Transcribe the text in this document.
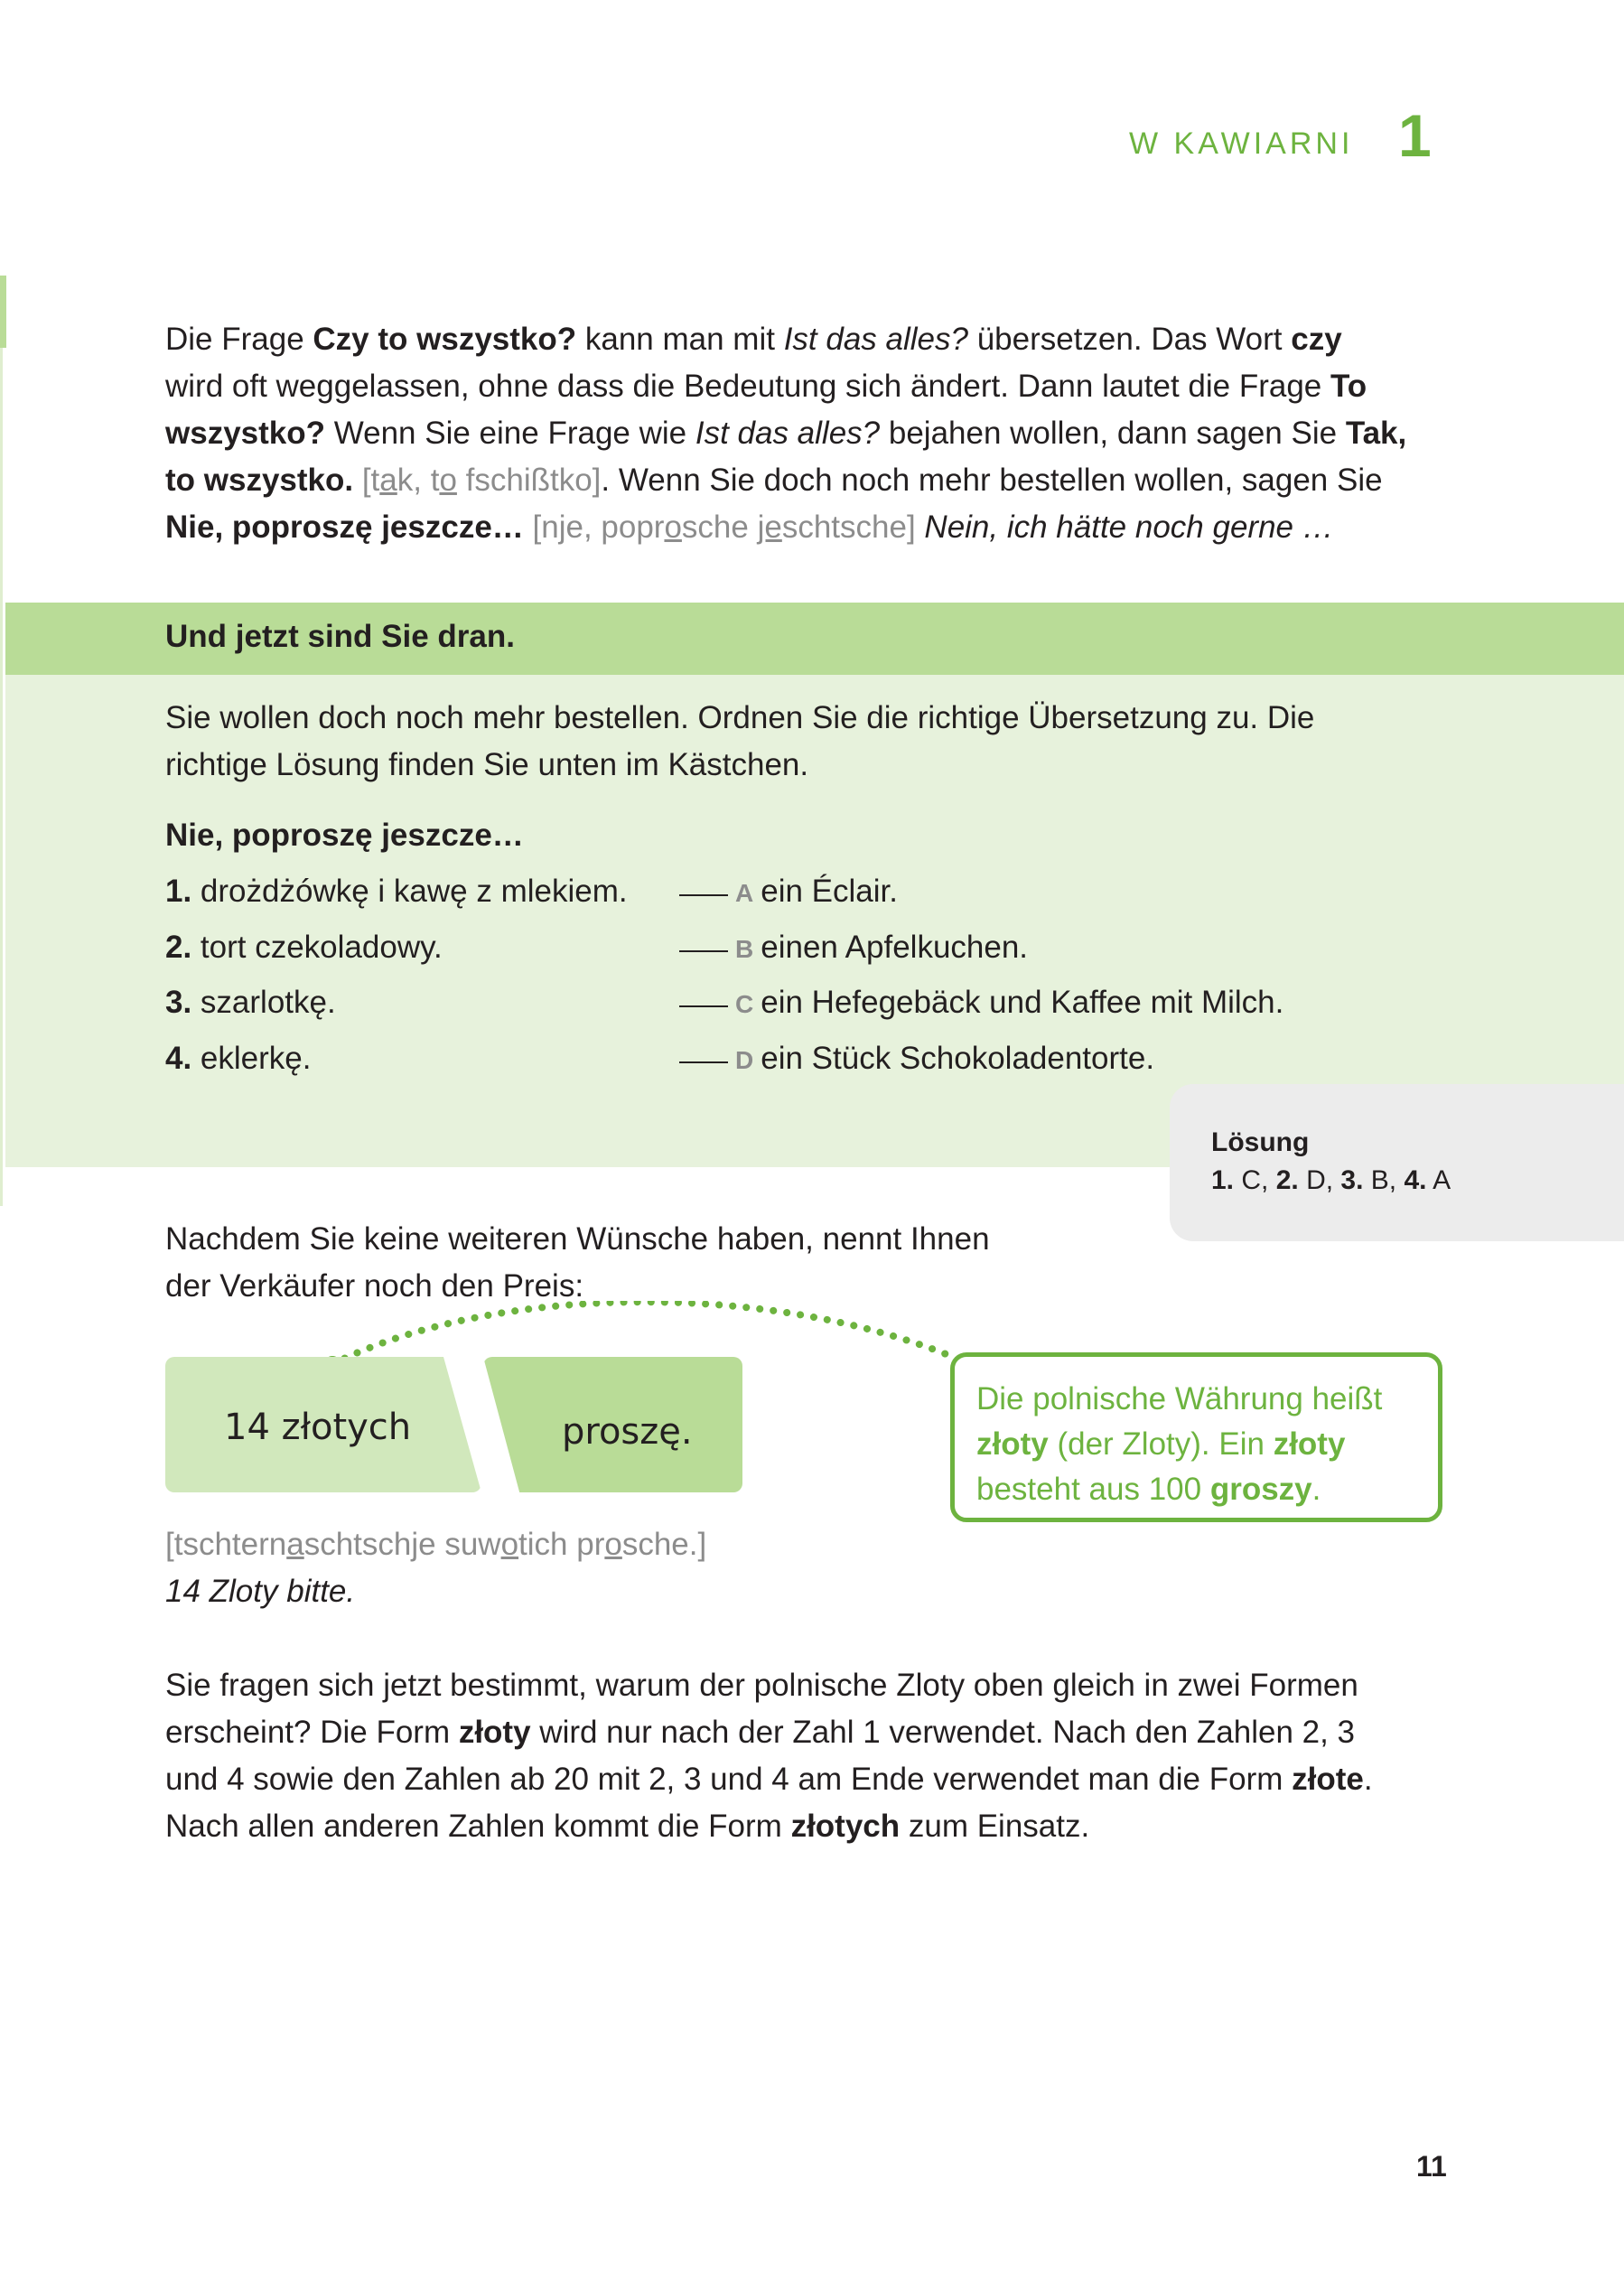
W KAWIARNI 1
Die Frage Czy to wszystko? kann man mit Ist das alles? übersetzen. Das Wort czy
wird oft weggelassen, ohne dass die Bedeutung sich ändert. Dann lautet die Frage To
wszystko? Wenn Sie eine Frage wie Ist das alles? bejahen wollen, dann sagen Sie Tak,
to wszystko. [tak, to fschißtko]. Wenn Sie doch noch mehr bestellen wollen, sagen Sie
Nie, poproszę jeszcze… [nje, poprosche jeschtsche] Nein, ich hätte noch gerne …
Und jetzt sind Sie dran.
Sie wollen doch noch mehr bestellen. Ordnen Sie die richtige Übersetzung zu. Die
richtige Lösung finden Sie unten im Kästchen.
Nie, poproszę jeszcze…
1. drożdżówkę i kawę z mlekiem.
2. tort czekoladowy.
3. szarlotkę.
4. eklerkę.
A ein Éclair.
B einen Apfelkuchen.
C ein Hefegebäck und Kaffee mit Milch.
D ein Stück Schokoladentorte.
Lösung
1. C, 2. D, 3. B, 4. A
Nachdem Sie keine weiteren Wünsche haben, nennt Ihnen
der Verkäufer noch den Preis:
14 złotych	proszę.
Die polnische Währung heißt
złoty (der Zloty). Ein złoty
besteht aus 100 groszy.
[tschternaschtschje suwotich prosche.]
14 Zloty bitte.
Sie fragen sich jetzt bestimmt, warum der polnische Zloty oben gleich in zwei Formen
erscheint? Die Form złoty wird nur nach der Zahl 1 verwendet. Nach den Zahlen 2, 3
und 4 sowie den Zahlen ab 20 mit 2, 3 und 4 am Ende verwendet man die Form złote.
Nach allen anderen Zahlen kommt die Form złotych zum Einsatz.
11
